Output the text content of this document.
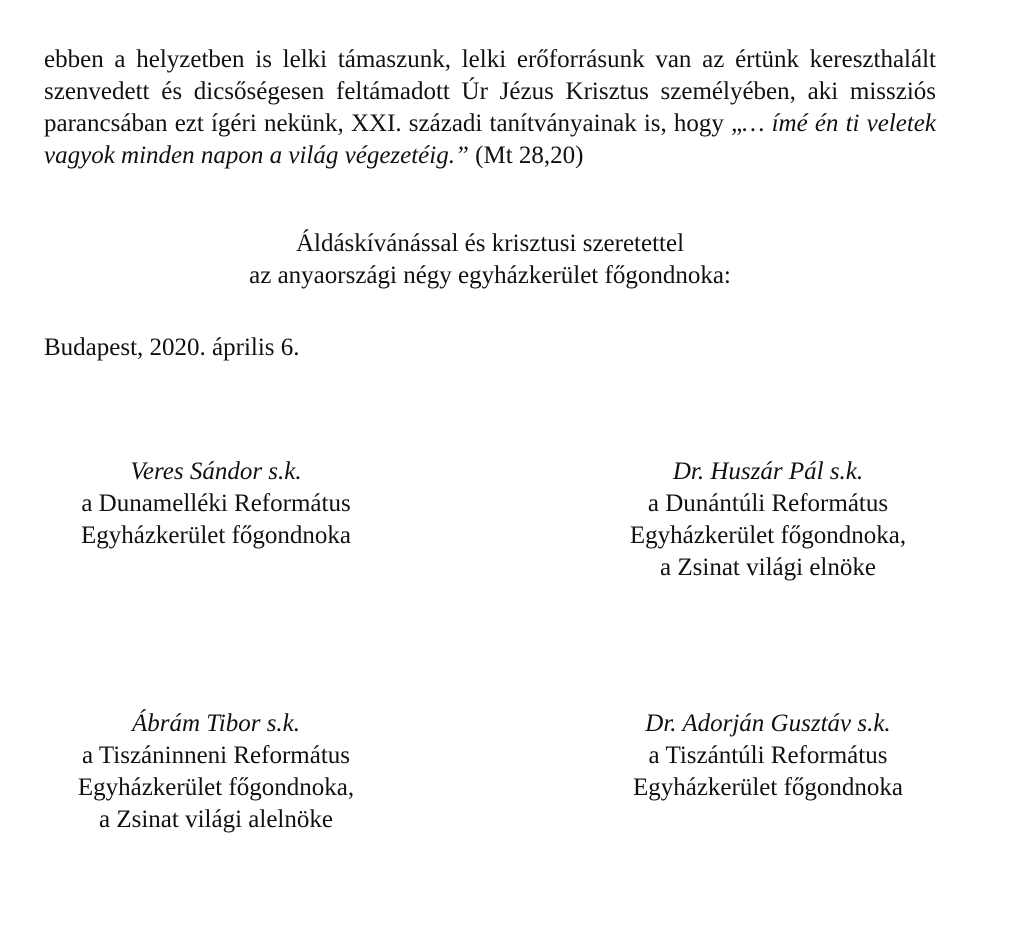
ebben a helyzetben is lelki támaszunk, lelki erőforrásunk van az értünk kereszthalált szenvedett és dicsőségesen feltámadott Úr Jézus Krisztus személyében, aki missziós parancsában ezt ígéri nekünk, XXI. századi tanítványainak is, hogy „… ímé én ti veletek vagyok minden napon a világ végezetéig.” (Mt 28,20)
Áldáskívánással és krisztusi szeretettel
az anyaországi négy egyházkerület főgondnoka:
Budapest, 2020. április 6.
Veres Sándor s.k.
a Dunamelléki Református
Egyházkerület főgondnoka
Dr. Huszár Pál s.k.
a Dunántúli Református
Egyházkerület főgondnoka,
a Zsinat világi elnöke
Ábrám Tibor s.k.
a Tiszáninneni Református
Egyházkerület főgondnoka,
a Zsinat világi alelnöke
Dr. Adorján Gusztáv s.k.
a Tiszántúli Református
Egyházkerület főgondnoka
